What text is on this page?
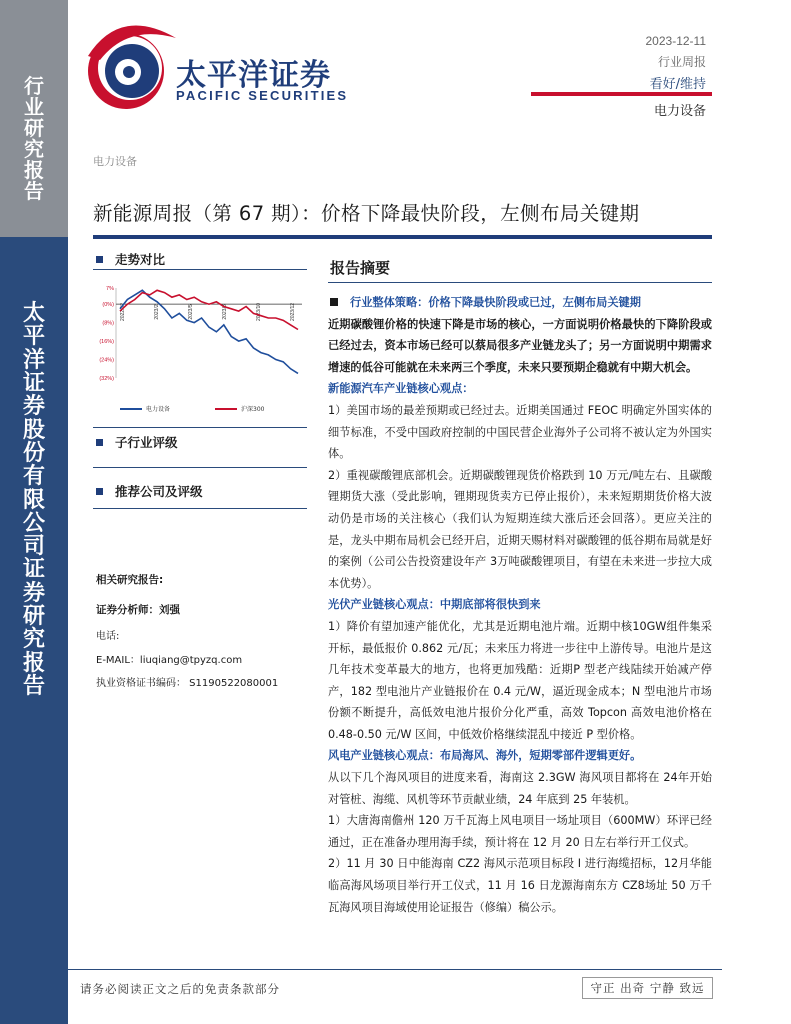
行
业
研
究
报
告
太
平
洋
证
券
股
份
有
限
公
司
证
券
研
究
报
告
太平洋证券
PACIFIC SECURITIES
2023-12-11
行业周报
看好/维持
电力设备
电力设备
新能源周报（第 67 期）：价格下降最快阶段，左侧布局关键期
走势对比
7%
(0%)
(8%)
(16%)
(24%)
(32%)
2022/12	2023/2	2023/5	2023/8	2023/10	2023/12
电力设备	沪深300
子行业评级
推荐公司及评级
相关研究报告:
证券分析师：刘强
电话:
E-MAIL：liuqiang@tpyzq.com
执业资格证书编码： S1190522080001
报告摘要

行业整体策略：价格下降最快阶段或已过，左侧布局关键期

近期碳酸锂价格的快速下降是市场的核心，一方面说明价格最快的下降阶段或已经过去，资本市场已经可以蔡局很多产业链龙头了；另一方面说明中期需求增速的低谷可能就在未来两三个季度，未来只要预期企稳就有中期大机会。

新能源汽车产业链核心观点：

1）美国市场的最差预期或已经过去。近期美国通过 FEOC 明确定外国实体的细节标准，不受中国政府控制的中国民营企业海外子公司将不被认定为外国实体。

2）重视碳酸锂底部机会。近期碳酸锂现货价格跌到 10 万元/吨左右、且碳酸锂期货大涨（受此影响，锂期现货卖方已停止报价），未来短期期货价格大波动仍是市场的关注核心（我们认为短期连续大涨后还会回落）。更应关注的是，龙头中期布局机会已经开启，近期天赐材料对碳酸锂的低谷期布局就是好的案例（公司公告投资建设年产 3万吨碳酸锂项目，有望在未来进一步拉大成本优势）。

光伏产业链核心观点：中期底部将很快到来

1）降价有望加速产能优化，尤其是近期电池片端。近期中核10GW组件集采开标，最低报价 0.862 元/瓦；未来压力将进一步往中上游传导。电池片是这几年技术变革最大的地方，也将更加残酷：近期P 型老产线陆续开始减产停产，182 型电池片产业链报价在 0.4 元/W，逼近现金成本；N 型电池片市场份额不断提升，高低效电池片报价分化严重，高效 Topcon 高效电池价格在 0.48-0.50 元/W 区间，中低效价格继续混乱中接近 P 型价格。

风电产业链核心观点：布局海风、海外，短期零部件逻辑更好。

从以下几个海风项目的进度来看，海南这 2.3GW 海风项目都将在 24年开始对管桩、海缆、风机等环节贡献业绩，24 年底到 25 年装机。

1）大唐海南儋州 120 万千瓦海上风电项目一场址项目（600MW）环评已经通过，正在准备办理用海手续，预计将在 12 月 20 日左右举行开工仪式。

2）11 月 30 日中能海南 CZ2 海风示范项目标段 I 进行海缆招标，12月华能临高海风场项目举行开工仪式，11 月 16 日龙源海南东方 CZ8场址 50 万千瓦海风项目海域使用论证报告（修编）稿公示。

请务必阅读正文之后的免责条款部分	守正 出奇 宁静 致远
